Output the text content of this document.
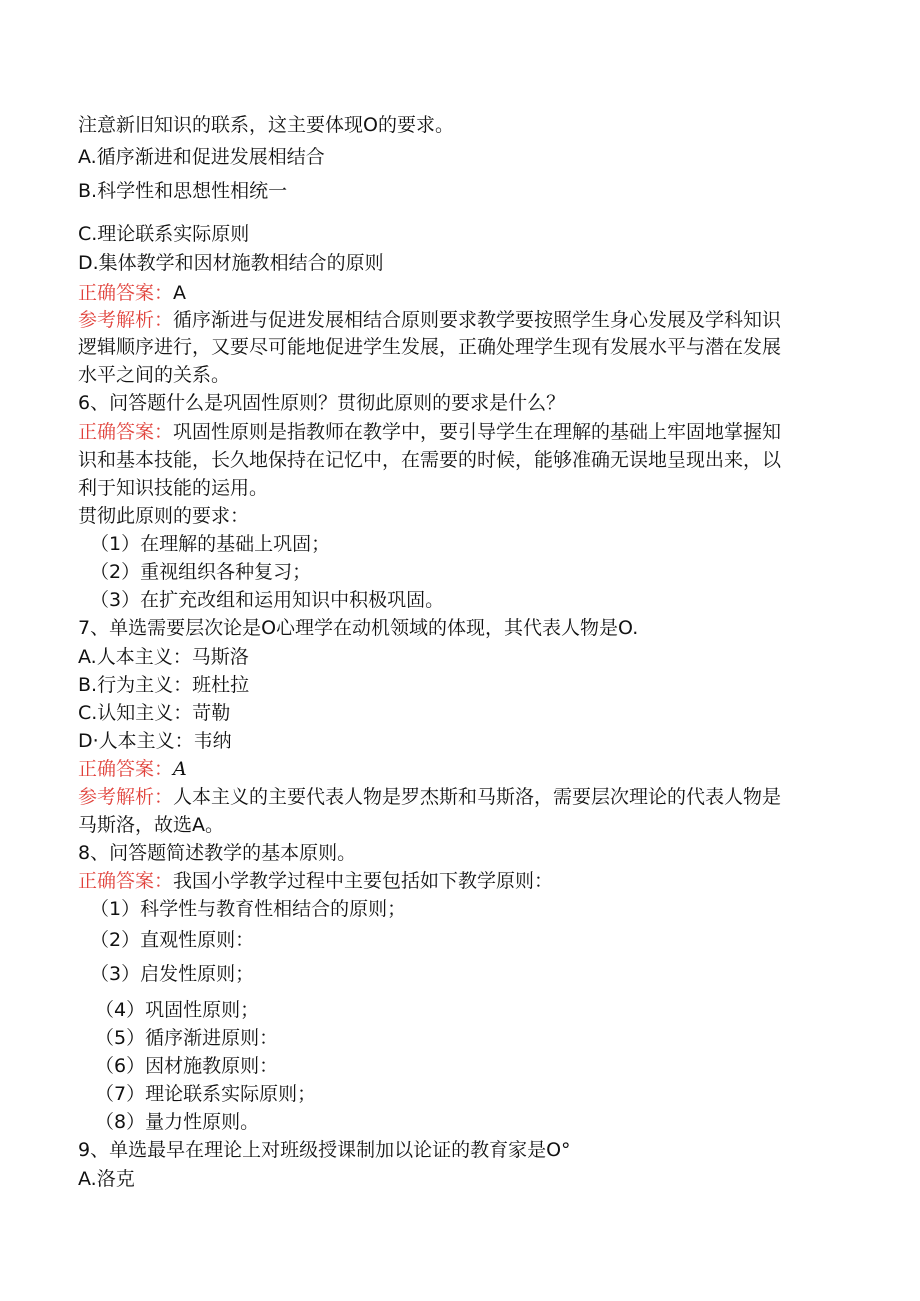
注意新旧知识的联系，这主要体现O的要求。

A.循序渐进和促进发展相结合

B.科学性和思想性相统一

C.理论联系实际原则

D.集体教学和因材施教相结合的原则

正确答案：A

参考解析：循序渐进与促进发展相结合原则要求教学要按照学生身心发展及学科知识

逻辑顺序进行，又要尽可能地促进学生发展，正确处理学生现有发展水平与潜在发展

水平之间的关系。

6、问答题什么是巩固性原则？贯彻此原则的要求是什么？

正确答案：巩固性原则是指教师在教学中，要引导学生在理解的基础上牢固地掌握知

识和基本技能，长久地保持在记忆中，在需要的时候，能够准确无误地呈现出来，以

利于知识技能的运用。

贯彻此原则的要求：

（1）在理解的基础上巩固；

（2）重视组织各种复习；

（3）在扩充改组和运用知识中积极巩固。

7、单选需要层次论是O心理学在动机领域的体现，其代表人物是O.

A.人本主义：马斯洛

B.行为主义：班杜拉

C.认知主义：苛勒

D·人本主义：韦纳

正确答案：A

参考解析：人本主义的主要代表人物是罗杰斯和马斯洛，需要层次理论的代表人物是

马斯洛，故选A。

8、问答题简述教学的基本原则。

正确答案：我国小学教学过程中主要包括如下教学原则：

（1）科学性与教育性相结合的原则；

（2）直观性原则：

（3）启发性原则；

（4）巩固性原则；

（5）循序渐进原则：

（6）因材施教原则：

（7）理论联系实际原则；

（8）量力性原则。

9、单选最早在理论上对班级授课制加以论证的教育家是O°

A.洛克
